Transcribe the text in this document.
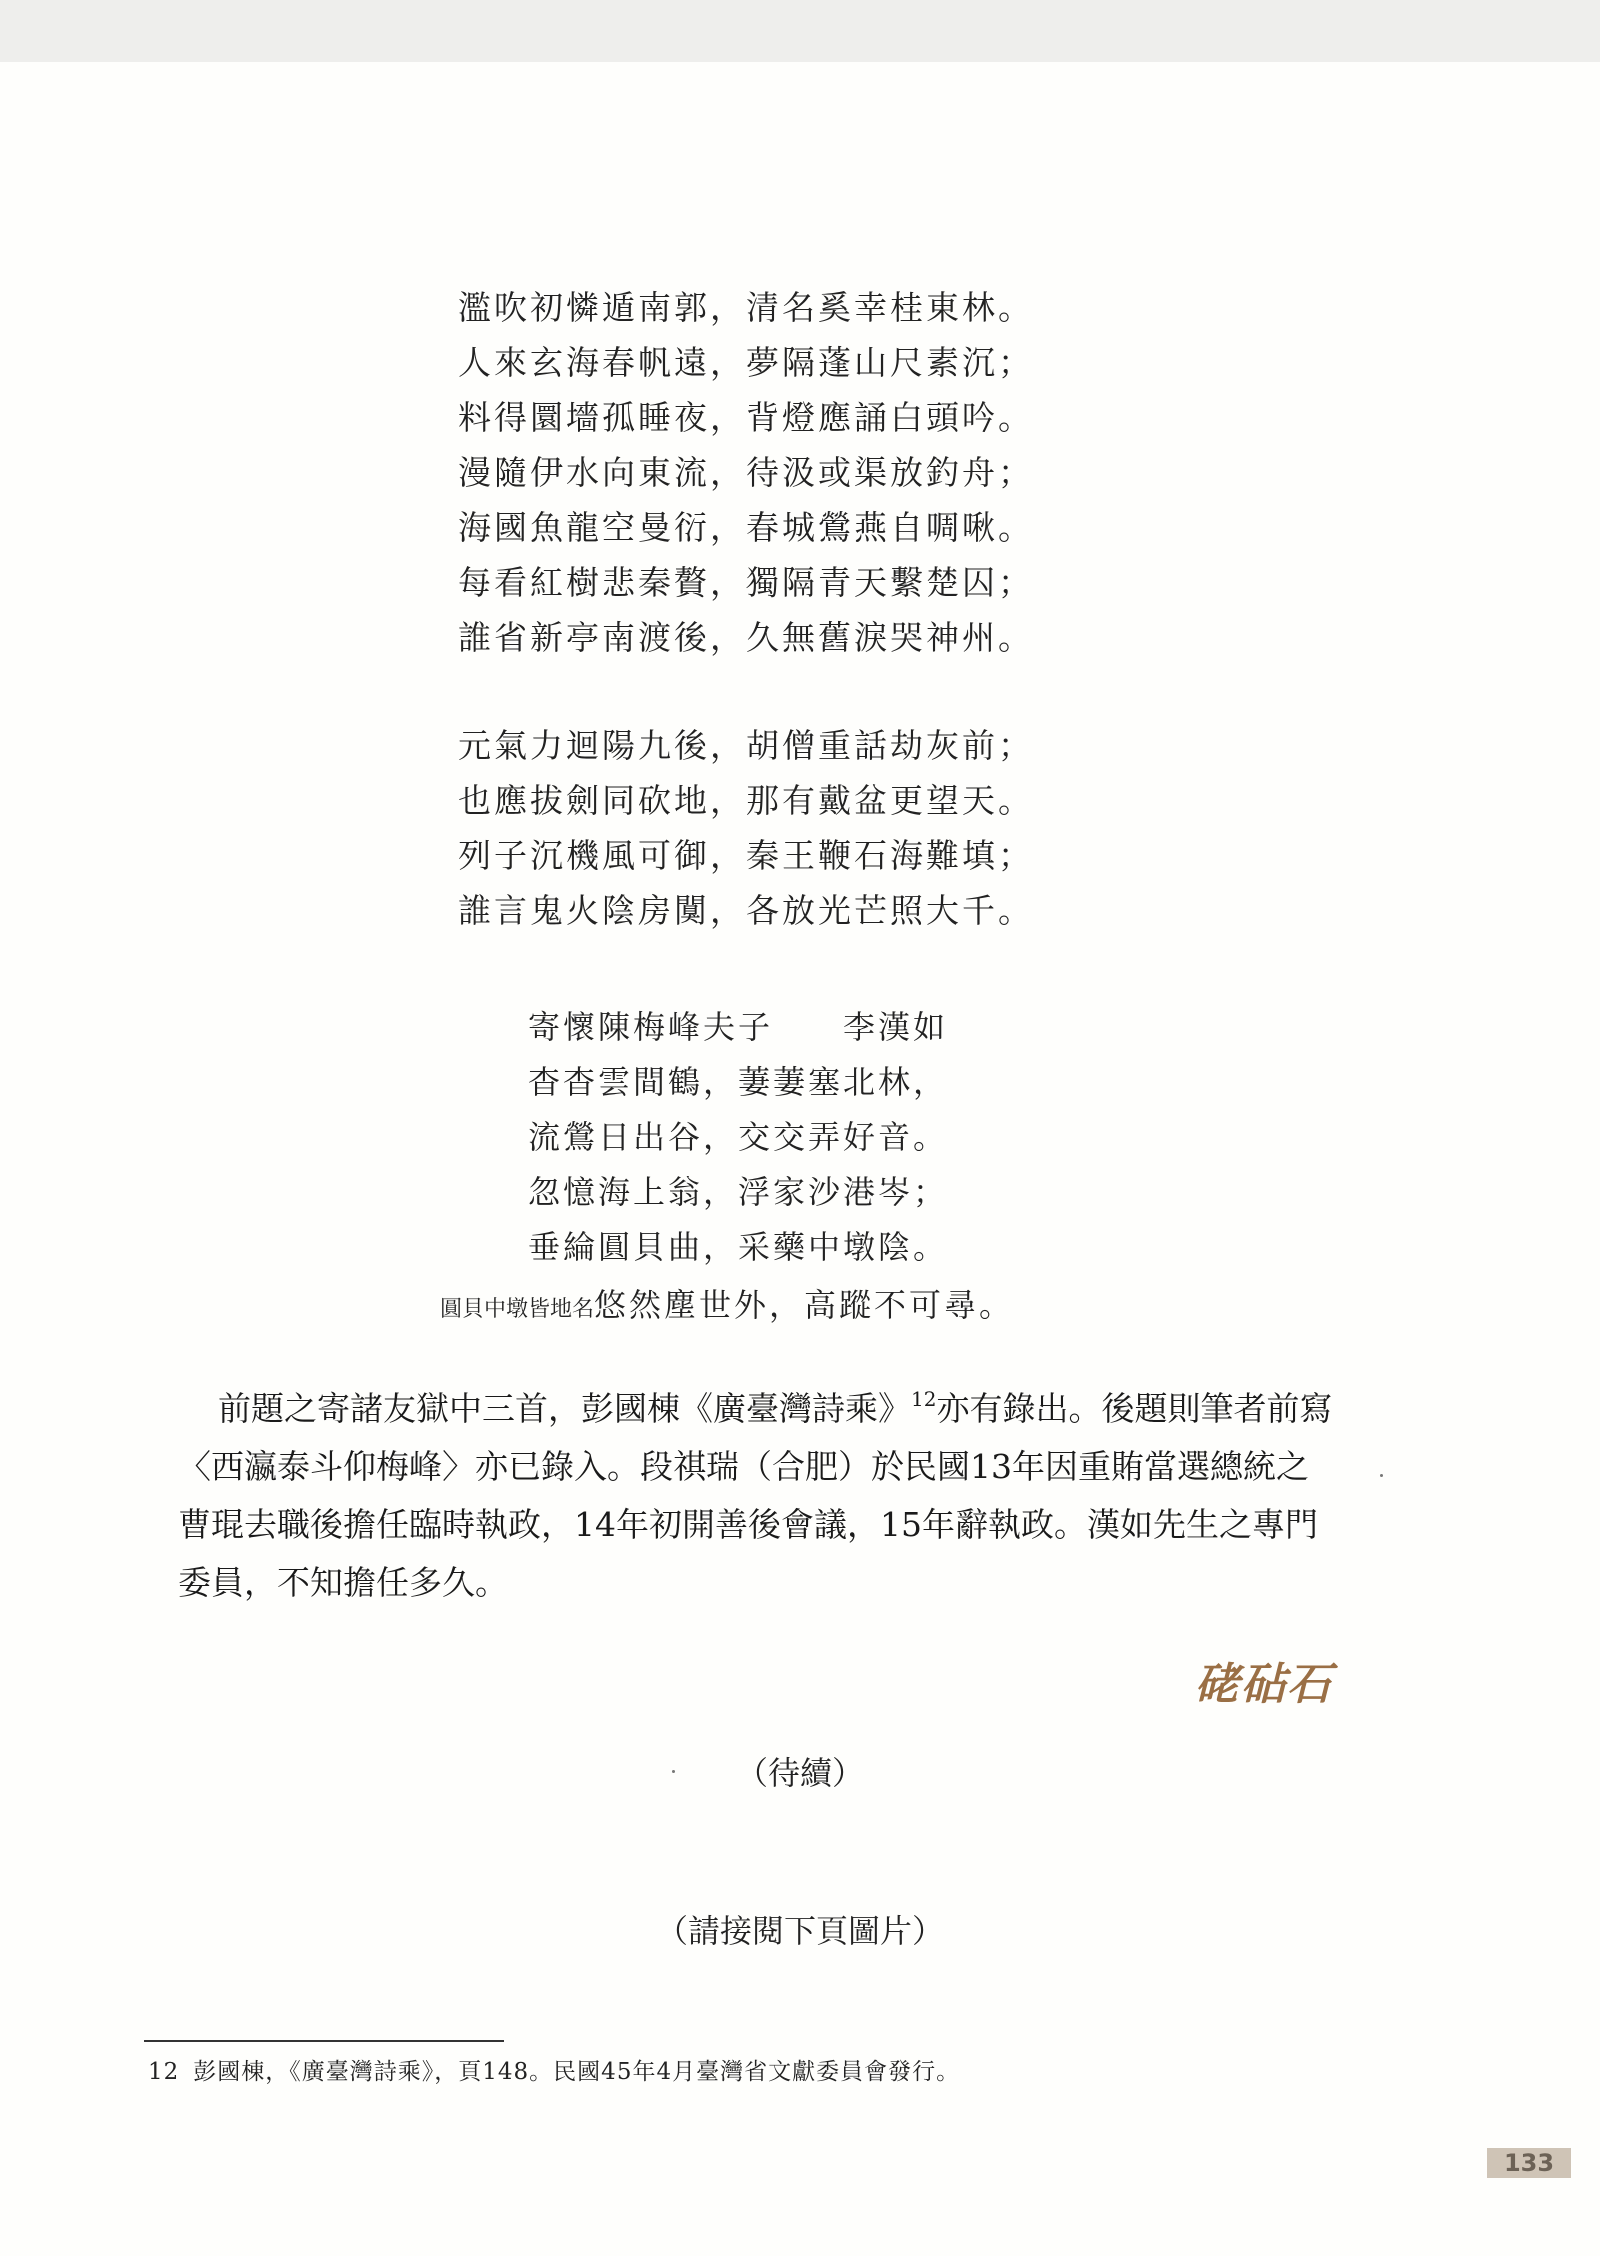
濫吹初憐遁南郭，清名奚幸桂東林。
人來玄海春帆遠，夢隔蓬山尺素沉；
料得圜墻孤睡夜，背燈應誦白頭吟。
漫隨伊水向東流，待汲或渠放釣舟；
海國魚龍空曼衍，春城鶯燕自啁啾。
每看紅樹悲秦贅，獨隔青天繫楚囚；
誰省新亭南渡後，久無舊淚哭神州。
元氣力迴陽九後，胡僧重話劫灰前；
也應拔劍同砍地，那有戴盆更望天。
列子沉機風可御，秦王鞭石海難填；
誰言鬼火陰房闃，各放光芒照大千。
寄懷陳梅峰夫子 李漢如
杳杳雲間鶴，萋萋塞北林，
流鶯日出谷，交交弄好音。
忽憶海上翁，浮家沙港岑；
垂綸圓貝曲，采藥中墩陰。
圓貝中墩皆地名悠然塵世外，高蹤不可尋。

前題之寄諸友獄中三首，彭國棟《廣臺灣詩乘》$^{12}$亦有錄出。後題則筆者前寫〈西瀛泰斗仰梅峰〉亦已錄入。段祺瑞（合肥）於民國13年因重賄當選總統之曹琨去職後擔任臨時執政，14年初開善後會議，15年辭執政。漢如先生之專門委員，不知擔任多久。

硓砧石
（待續）
（請接閱下頁圖片）
12 彭國棟，《廣臺灣詩乘》，頁148。民國45年4月臺灣省文獻委員會發行。
133
